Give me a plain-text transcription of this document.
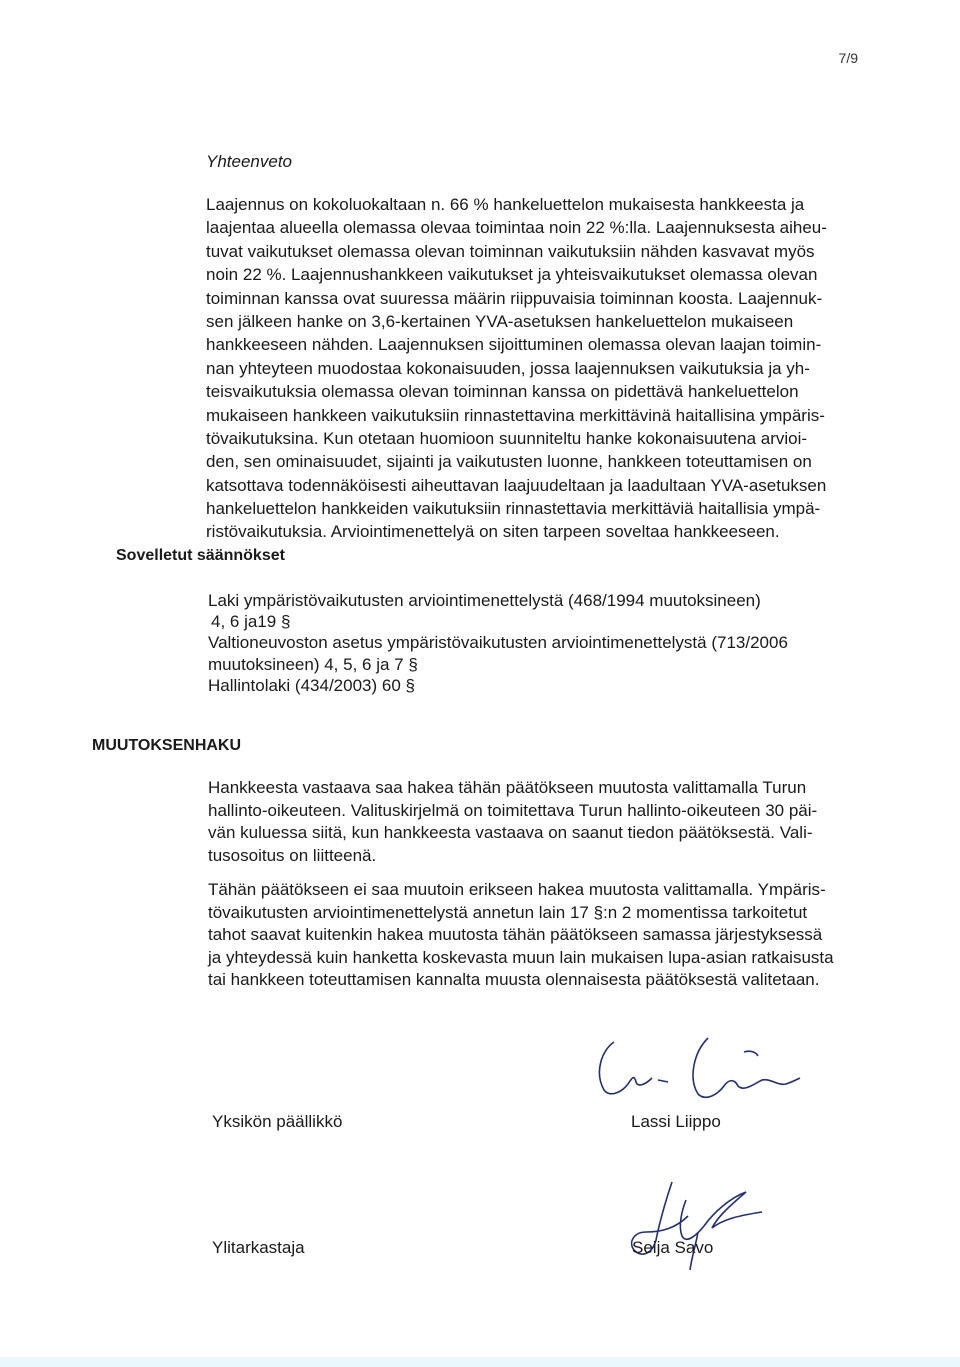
7/9
Yhteenveto
Laajennus on kokoluokaltaan n. 66 % hankeluettelon mukaisesta hankkeesta ja
laajentaa alueella olemassa olevaa toimintaa noin 22 %:lla. Laajennuksesta aiheu-
tuvat vaikutukset olemassa olevan toiminnan vaikutuksiin nähden kasvavat myös
noin 22 %. Laajennushankkeen vaikutukset ja yhteisvaikutukset olemassa olevan
toiminnan kanssa ovat suuressa määrin riippuvaisia toiminnan koosta. Laajennuk-
sen jälkeen hanke on 3,6-kertainen YVA-asetuksen hankeluettelon mukaiseen
hankkeeseen nähden. Laajennuksen sijoittuminen olemassa olevan laajan toimin-
nan yhteyteen muodostaa kokonaisuuden, jossa laajennuksen vaikutuksia ja yh-
teisvaikutuksia olemassa olevan toiminnan kanssa on pidettävä hankeluettelon
mukaiseen hankkeen vaikutuksiin rinnastettavina merkittävinä haitallisina ympäris-
tövaikutuksina. Kun otetaan huomioon suunniteltu hanke kokonaisuutena arvioi-
den, sen ominaisuudet, sijainti ja vaikutusten luonne, hankkeen toteuttamisen on
katsottava todennäköisesti aiheuttavan laajuudeltaan ja laadultaan YVA-asetuksen
hankeluettelon hankkeiden vaikutuksiin rinnastettavia merkittäviä haitallisia ympä-
ristövaikutuksia. Arviointimenettelyä on siten tarpeen soveltaa hankkeeseen.
Sovelletut säännökset
Laki ympäristövaikutusten arviointimenettelystä (468/1994 muutoksineen)
4, 6 ja19 §
Valtioneuvoston asetus ympäristövaikutusten arviointimenettelystä (713/2006
muutoksineen) 4, 5, 6 ja 7 §
Hallintolaki (434/2003) 60 §
MUUTOKSENHAKU
Hankkeesta vastaava saa hakea tähän päätökseen muutosta valittamalla Turun
hallinto-oikeuteen. Valituskirjelmä on toimitettava Turun hallinto-oikeuteen 30 päi-
vän kuluessa siitä, kun hankkeesta vastaava on saanut tiedon päätöksestä. Vali-
tusosoitus on liitteenä.
Tähän päätökseen ei saa muutoin erikseen hakea muutosta valittamalla. Ympäris-
tövaikutusten arviointimenettelystä annetun lain 17 §:n 2 momentissa tarkoitetut
tahot saavat kuitenkin hakea muutosta tähän päätökseen samassa järjestyksessä
ja yhteydessä kuin hanketta koskevasta muun lain mukaisen lupa-asian ratkaisusta
tai hankkeen toteuttamisen kannalta muusta olennaisesta päätöksestä valitetaan.
Yksikön päällikkö	Lassi Liippo
Ylitarkastaja	Seija Savo
